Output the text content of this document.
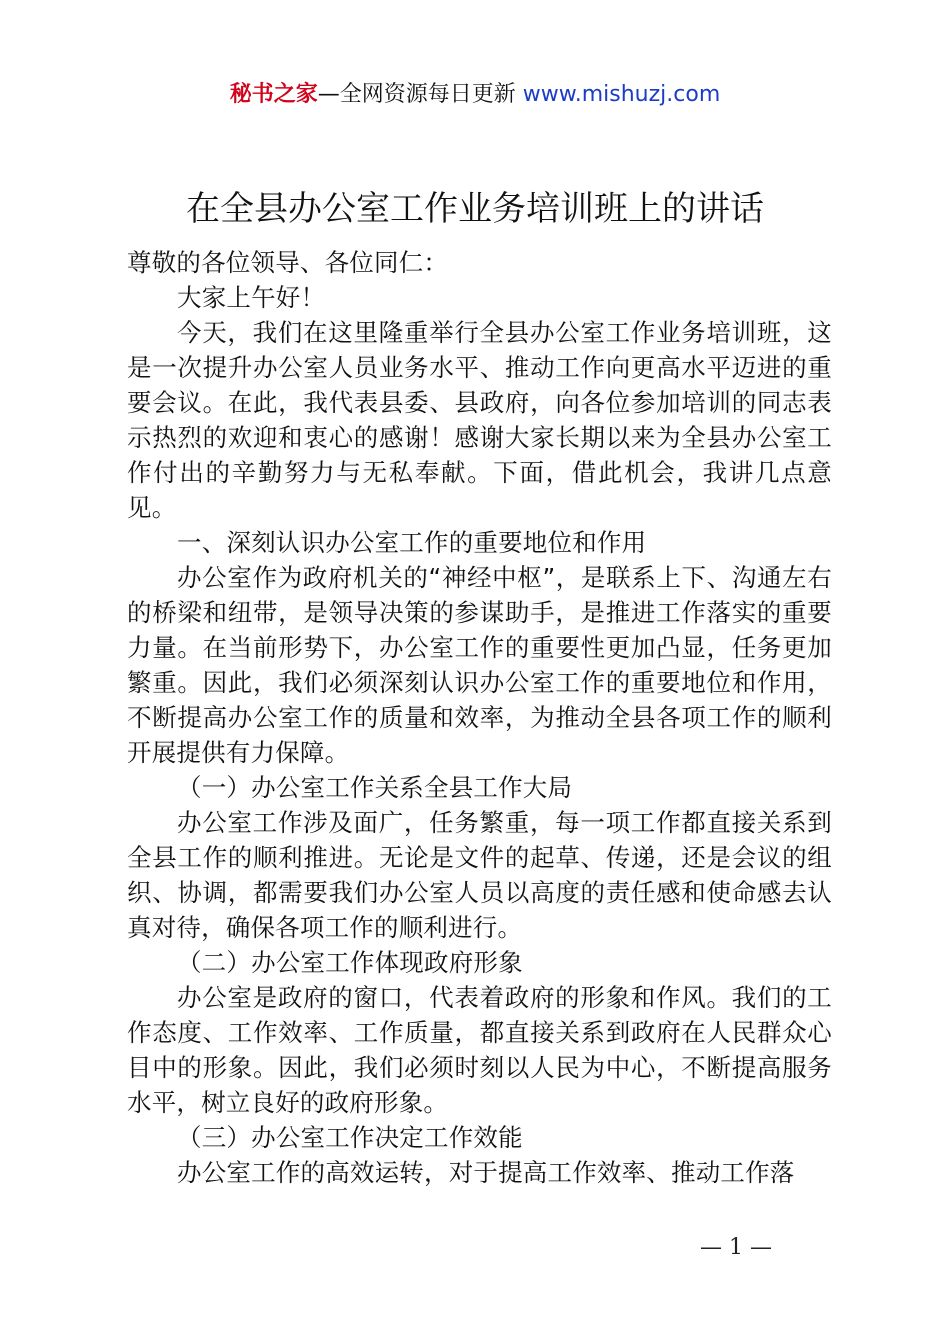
秘书之家—全网资源每日更新 www.mishuzj.com
在全县办公室工作业务培训班上的讲话

尊敬的各位领导、各位同仁：

大家上午好！

今天，我们在这里隆重举行全县办公室工作业务培训班，这是一次提升办公室人员业务水平、推动工作向更高水平迈进的重要会议。在此，我代表县委、县政府，向各位参加培训的同志表示热烈的欢迎和衷心的感谢！感谢大家长期以来为全县办公室工作付出的辛勤努力与无私奉献。下面，借此机会，我讲几点意见。

一、深刻认识办公室工作的重要地位和作用

办公室作为政府机关的“神经中枢”，是联系上下、沟通左右的桥梁和纽带，是领导决策的参谋助手，是推进工作落实的重要力量。在当前形势下，办公室工作的重要性更加凸显，任务更加繁重。因此，我们必须深刻认识办公室工作的重要地位和作用，不断提高办公室工作的质量和效率，为推动全县各项工作的顺利开展提供有力保障。

（一）办公室工作关系全县工作大局

办公室工作涉及面广，任务繁重，每一项工作都直接关系到全县工作的顺利推进。无论是文件的起草、传递，还是会议的组织、协调，都需要我们办公室人员以高度的责任感和使命感去认真对待，确保各项工作的顺利进行。

（二）办公室工作体现政府形象

办公室是政府的窗口，代表着政府的形象和作风。我们的工作态度、工作效率、工作质量，都直接关系到政府在人民群众心目中的形象。因此，我们必须时刻以人民为中心，不断提高服务水平，树立良好的政府形象。

（三）办公室工作决定工作效能

办公室工作的高效运转，对于提高工作效率、推动工作落

— 1 —
